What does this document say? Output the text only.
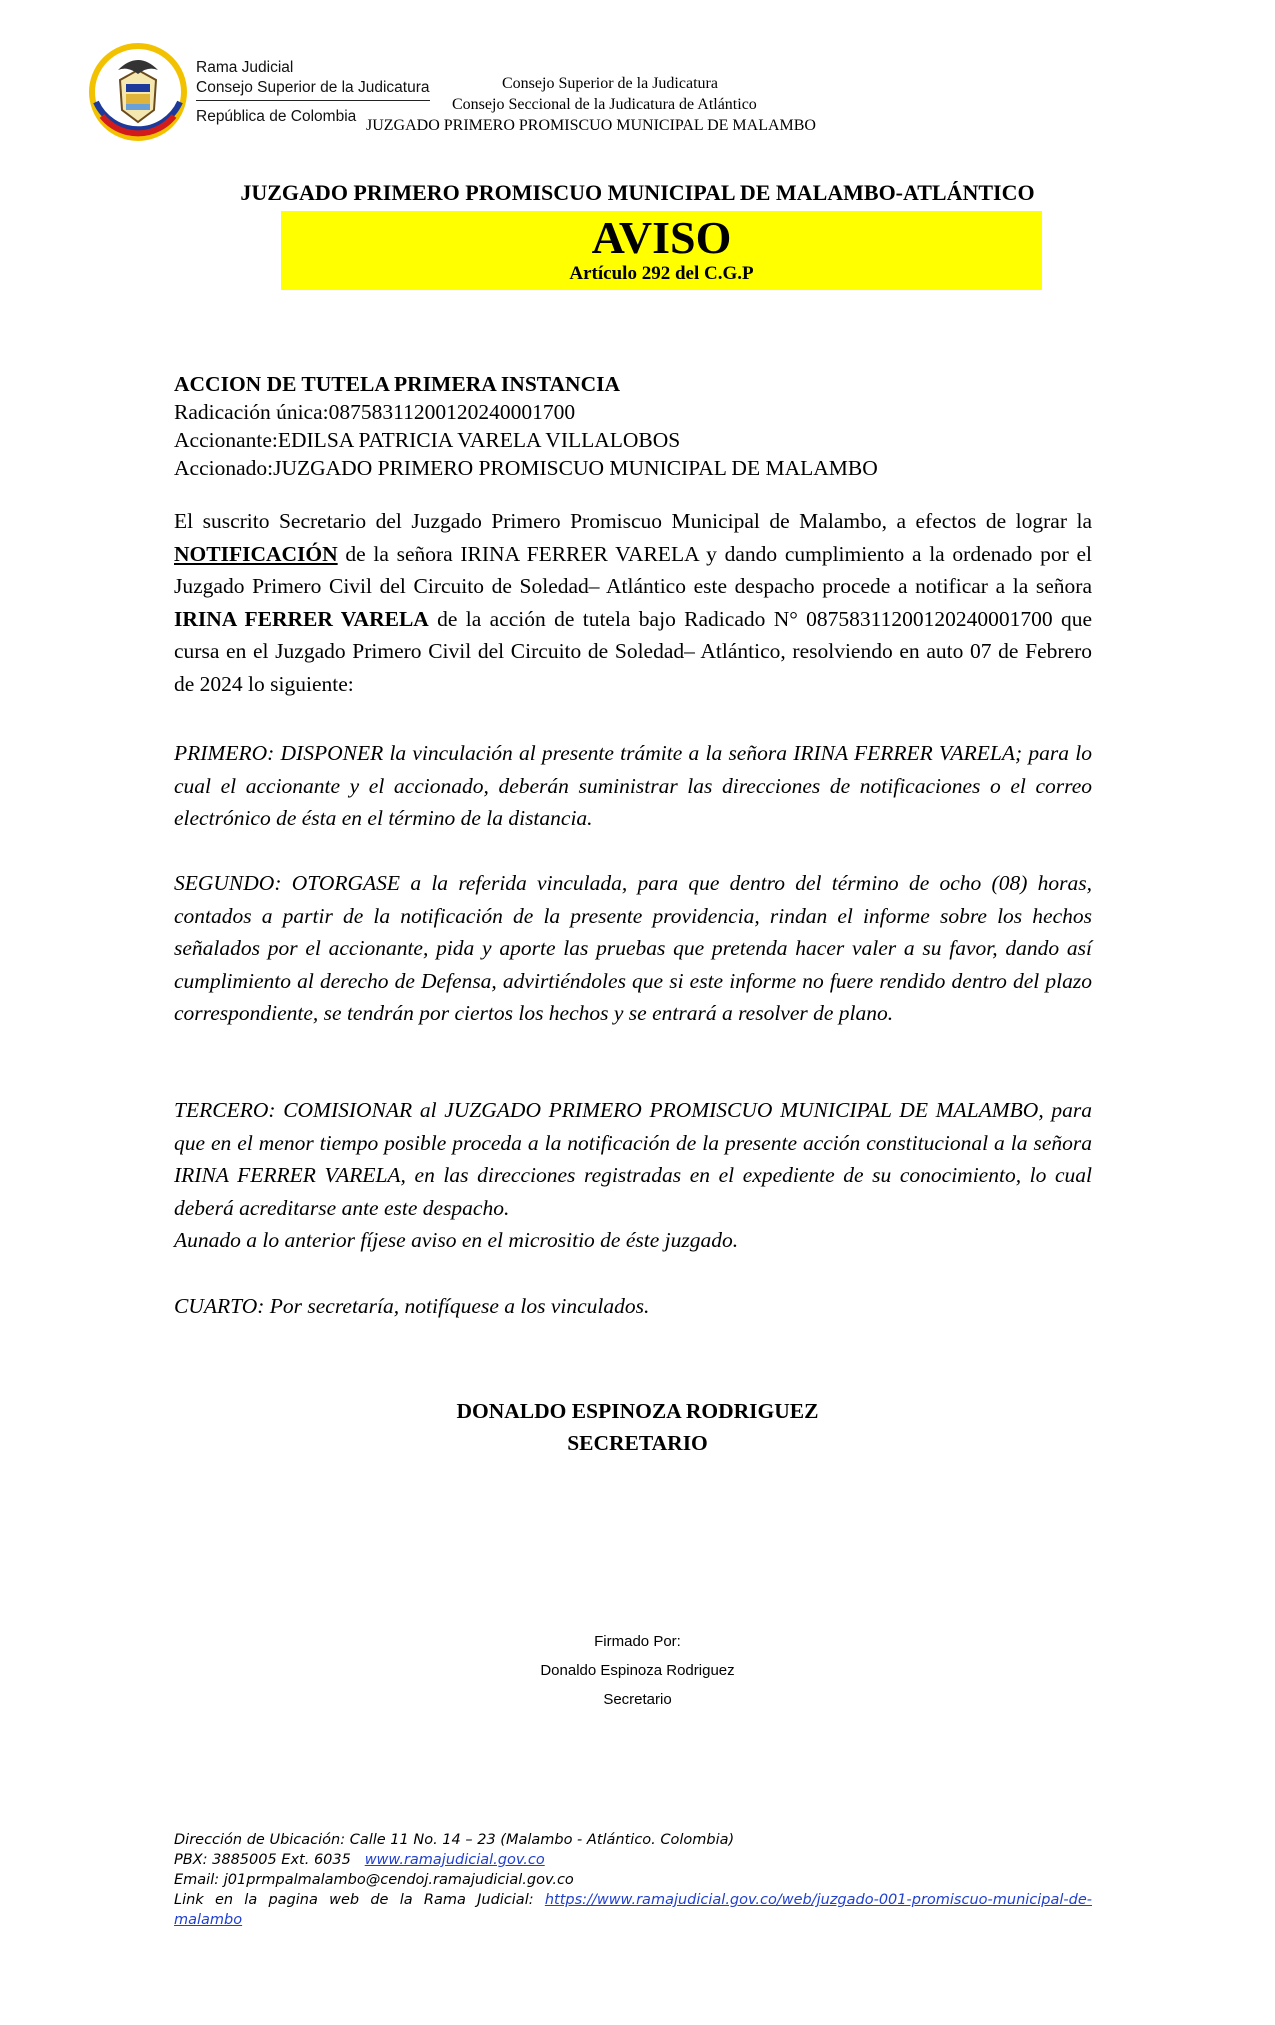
Rama Judicial
Consejo Superior de la Judicatura
República de Colombia
Consejo Superior de la Judicatura
Consejo Seccional de la Judicatura de Atlántico
JUZGADO PRIMERO PROMISCUO MUNICIPAL DE MALAMBO
JUZGADO PRIMERO PROMISCUO MUNICIPAL DE MALAMBO-ATLÁNTICO
AVISO
Artículo 292 del C.G.P
ACCION DE TUTELA PRIMERA INSTANCIA
Radicación única:08758311200120240001700
Accionante:EDILSA PATRICIA VARELA VILLALOBOS
Accionado:JUZGADO PRIMERO PROMISCUO MUNICIPAL DE MALAMBO
El suscrito Secretario del Juzgado Primero Promiscuo Municipal de Malambo, a efectos de lograr la NOTIFICACIÓN de la señora IRINA FERRER VARELA y dando cumplimiento a la ordenado por el Juzgado Primero Civil del Circuito de Soledad– Atlántico este despacho procede a notificar a la señora IRINA FERRER VARELA de la acción de tutela bajo Radicado N° 08758311200120240001700 que cursa en el Juzgado Primero Civil del Circuito de Soledad– Atlántico, resolviendo en auto 07 de Febrero de 2024 lo siguiente:
PRIMERO: DISPONER la vinculación al presente trámite a la señora IRINA FERRER VARELA; para lo cual el accionante y el accionado, deberán suministrar las direcciones de notificaciones o el correo electrónico de ésta en el término de la distancia.
SEGUNDO: OTORGASE a la referida vinculada, para que dentro del término de ocho (08) horas, contados a partir de la notificación de la presente providencia, rindan el informe sobre los hechos señalados por el accionante, pida y aporte las pruebas que pretenda hacer valer a su favor, dando así cumplimiento al derecho de Defensa, advirtiéndoles que si este informe no fuere rendido dentro del plazo correspondiente, se tendrán por ciertos los hechos y se entrará a resolver de plano.
TERCERO: COMISIONAR al JUZGADO PRIMERO PROMISCUO MUNICIPAL DE MALAMBO, para que en el menor tiempo posible proceda a la notificación de la presente acción constitucional a la señora IRINA FERRER VARELA, en las direcciones registradas en el expediente de su conocimiento, lo cual deberá acreditarse ante este despacho.
Aunado a lo anterior fíjese aviso en el micrositio de éste juzgado.
CUARTO: Por secretaría, notifíquese a los vinculados.
DONALDO ESPINOZA RODRIGUEZ
SECRETARIO
Firmado Por:
Donaldo Espinoza Rodriguez
Secretario
Dirección de Ubicación: Calle 11 No. 14 – 23 (Malambo - Atlántico. Colombia)
PBX: 3885005 Ext. 6035 www.ramajudicial.gov.co
Email: j01prmpalmalambo@cendoj.ramajudicial.gov.co
Link en la pagina web de la Rama Judicial: https://www.ramajudicial.gov.co/web/juzgado-001-promiscuo-municipal-de-
malambo
